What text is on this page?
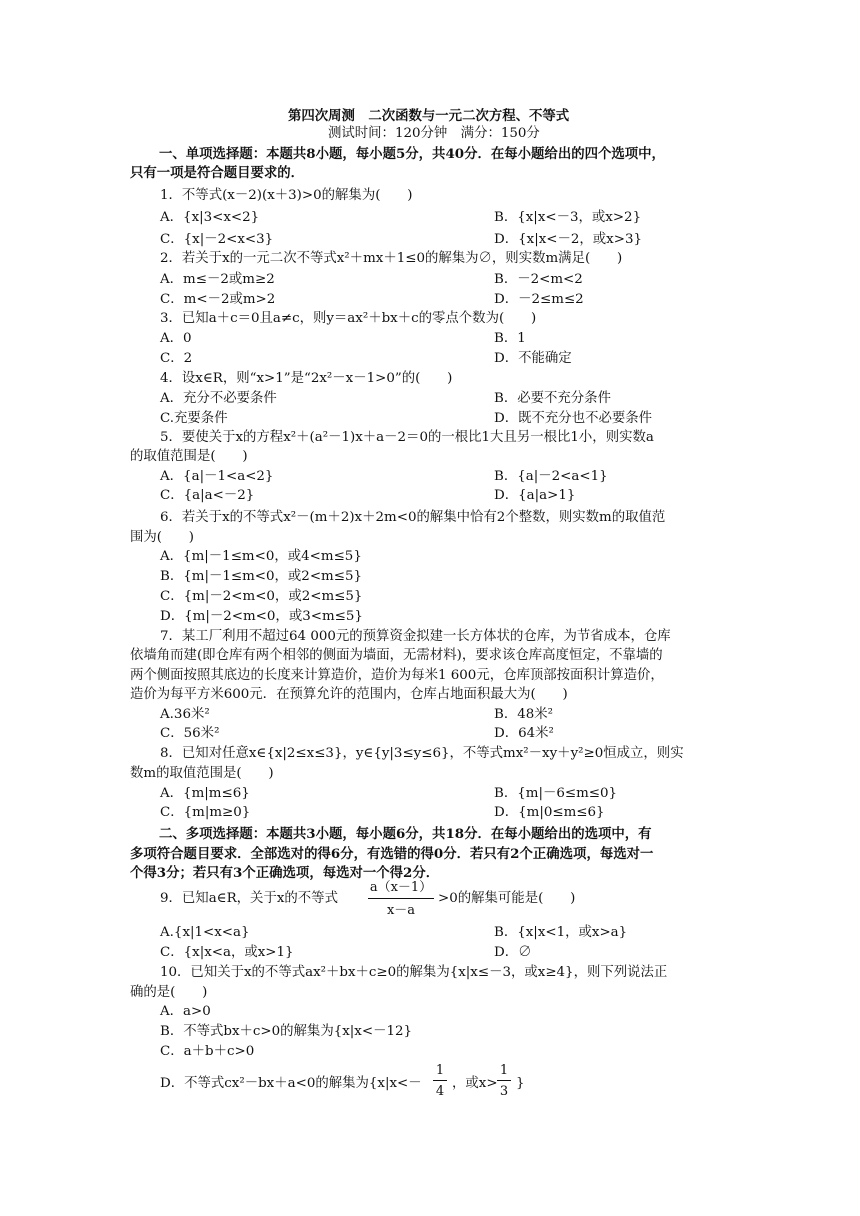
第四次周测　二次函数与一元二次方程、不等式
测试时间：120分钟　满分：150分
一、单项选择题：本题共8小题，每小题5分，共40分．在每小题给出的四个选项中，
只有一项是符合题目要求的．
1．不等式(x－2)(x＋3)>0的解集为(　　)
A．{x|3<x<2}	B．{x|x<－3，或x>2}
C．{x|－2<x<3}	D．{x|x<－2，或x>3}
2．若关于x的一元二次不等式x²＋mx＋1≤0的解集为∅，则实数m满足(　　)
A．m≤－2或m≥2	B．－2<m<2
C．m<－2或m>2	D．－2≤m≤2
3．已知a＋c＝0且a≠c，则y＝ax²＋bx＋c的零点个数为(　　)
A．0	B．1
C．2	D．不能确定
4．设x∈R，则“x>1”是“2x²－x－1>0”的(　　)
A．充分不必要条件	B．必要不充分条件
C.充要条件	D．既不充分也不必要条件
5．要使关于x的方程x²＋(a²－1)x＋a－2＝0的一根比1大且另一根比1小，则实数a
的取值范围是(　　)
A．{a|－1<a<2}	B．{a|－2<a<1}
C．{a|a<－2}	D．{a|a>1}
6．若关于x的不等式x²－(m＋2)x＋2m<0的解集中恰有2个整数，则实数m的取值范
围为(　　)
A．{m|－1≤m<0，或4<m≤5}
B．{m|－1≤m<0，或2<m≤5}
C．{m|－2<m<0，或2<m≤5}
D．{m|－2<m<0，或3<m≤5}
7．某工厂利用不超过64 000元的预算资金拟建一长方体状的仓库，为节省成本，仓库
依墙角而建(即仓库有两个相邻的侧面为墙面，无需材料)，要求该仓库高度恒定，不靠墙的
两个侧面按照其底边的长度来计算造价，造价为每米1 600元，仓库顶部按面积计算造价，
造价为每平方米600元．在预算允许的范围内，仓库占地面积最大为(　　)
A.36米²	B．48米²
C．56米²	D．64米²
8．已知对任意x∈{x|2≤x≤3}，y∈{y|3≤y≤6}，不等式mx²－xy＋y²≥0恒成立，则实
数m的取值范围是(　　)
A．{m|m≤6}	B．{m|－6≤m≤0}
C．{m|m≥0}	D．{m|0≤m≤6}
二、多项选择题：本题共3小题，每小题6分，共18分．在每小题给出的选项中，有
多项符合题目要求．全部选对的得6分，有选错的得0分．若只有2个正确选项，每选对一
个得3分；若只有3个正确选项，每选对一个得2分．
9．已知a∈R，关于x的不等式
a（x－1）
x－a
>0的解集可能是(　　)
A.{x|1<x<a}	B．{x|x<1，或x>a}
C．{x|x<a，或x>1}	D．∅
10．已知关于x的不等式ax²＋bx＋c≥0的解集为{x|x≤－3，或x≥4}，则下列说法正
确的是(　　)
A．a>0
B．不等式bx＋c>0的解集为{x|x<－12}
C．a＋b＋c>0
D．不等式cx²－bx＋a<0的解集为{x|x<－
1
4
，或x>
1
3
}
